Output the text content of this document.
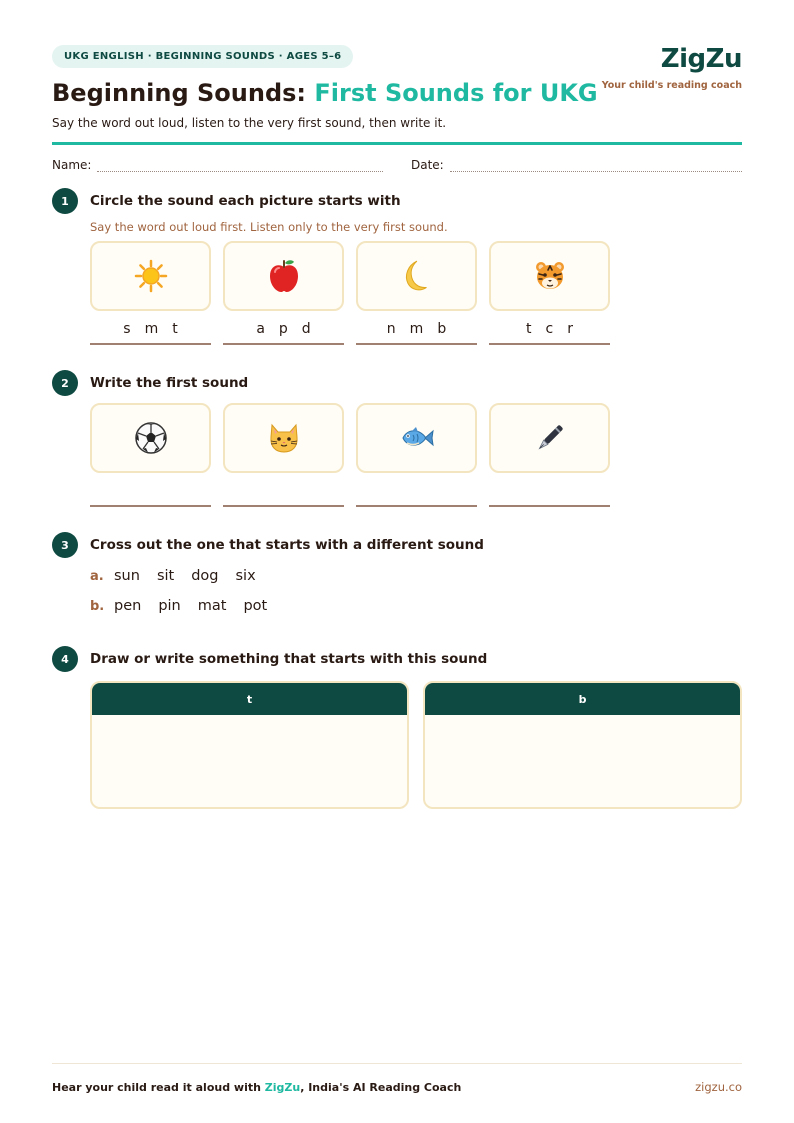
UKG ENGLISH · BEGINNING SOUNDS · AGES 5–6	ZigZu
Your child's reading coach
Beginning Sounds: First Sounds for UKG
Say the word out loud, listen to the very first sound, then write it.
Name:	Date:
1	Circle the sound each picture starts with
Say the word out loud first. Listen only to the very first sound.
s m t	a p d	n m b	t c r
2	Write the first sound
3	Cross out the one that starts with a different sound
a. sun sit dog six
b. pen pin mat pot
4	Draw or write something that starts with this sound
t	b
Hear your child read it aloud with ZigZu, India's AI Reading Coach	zigzu.co
